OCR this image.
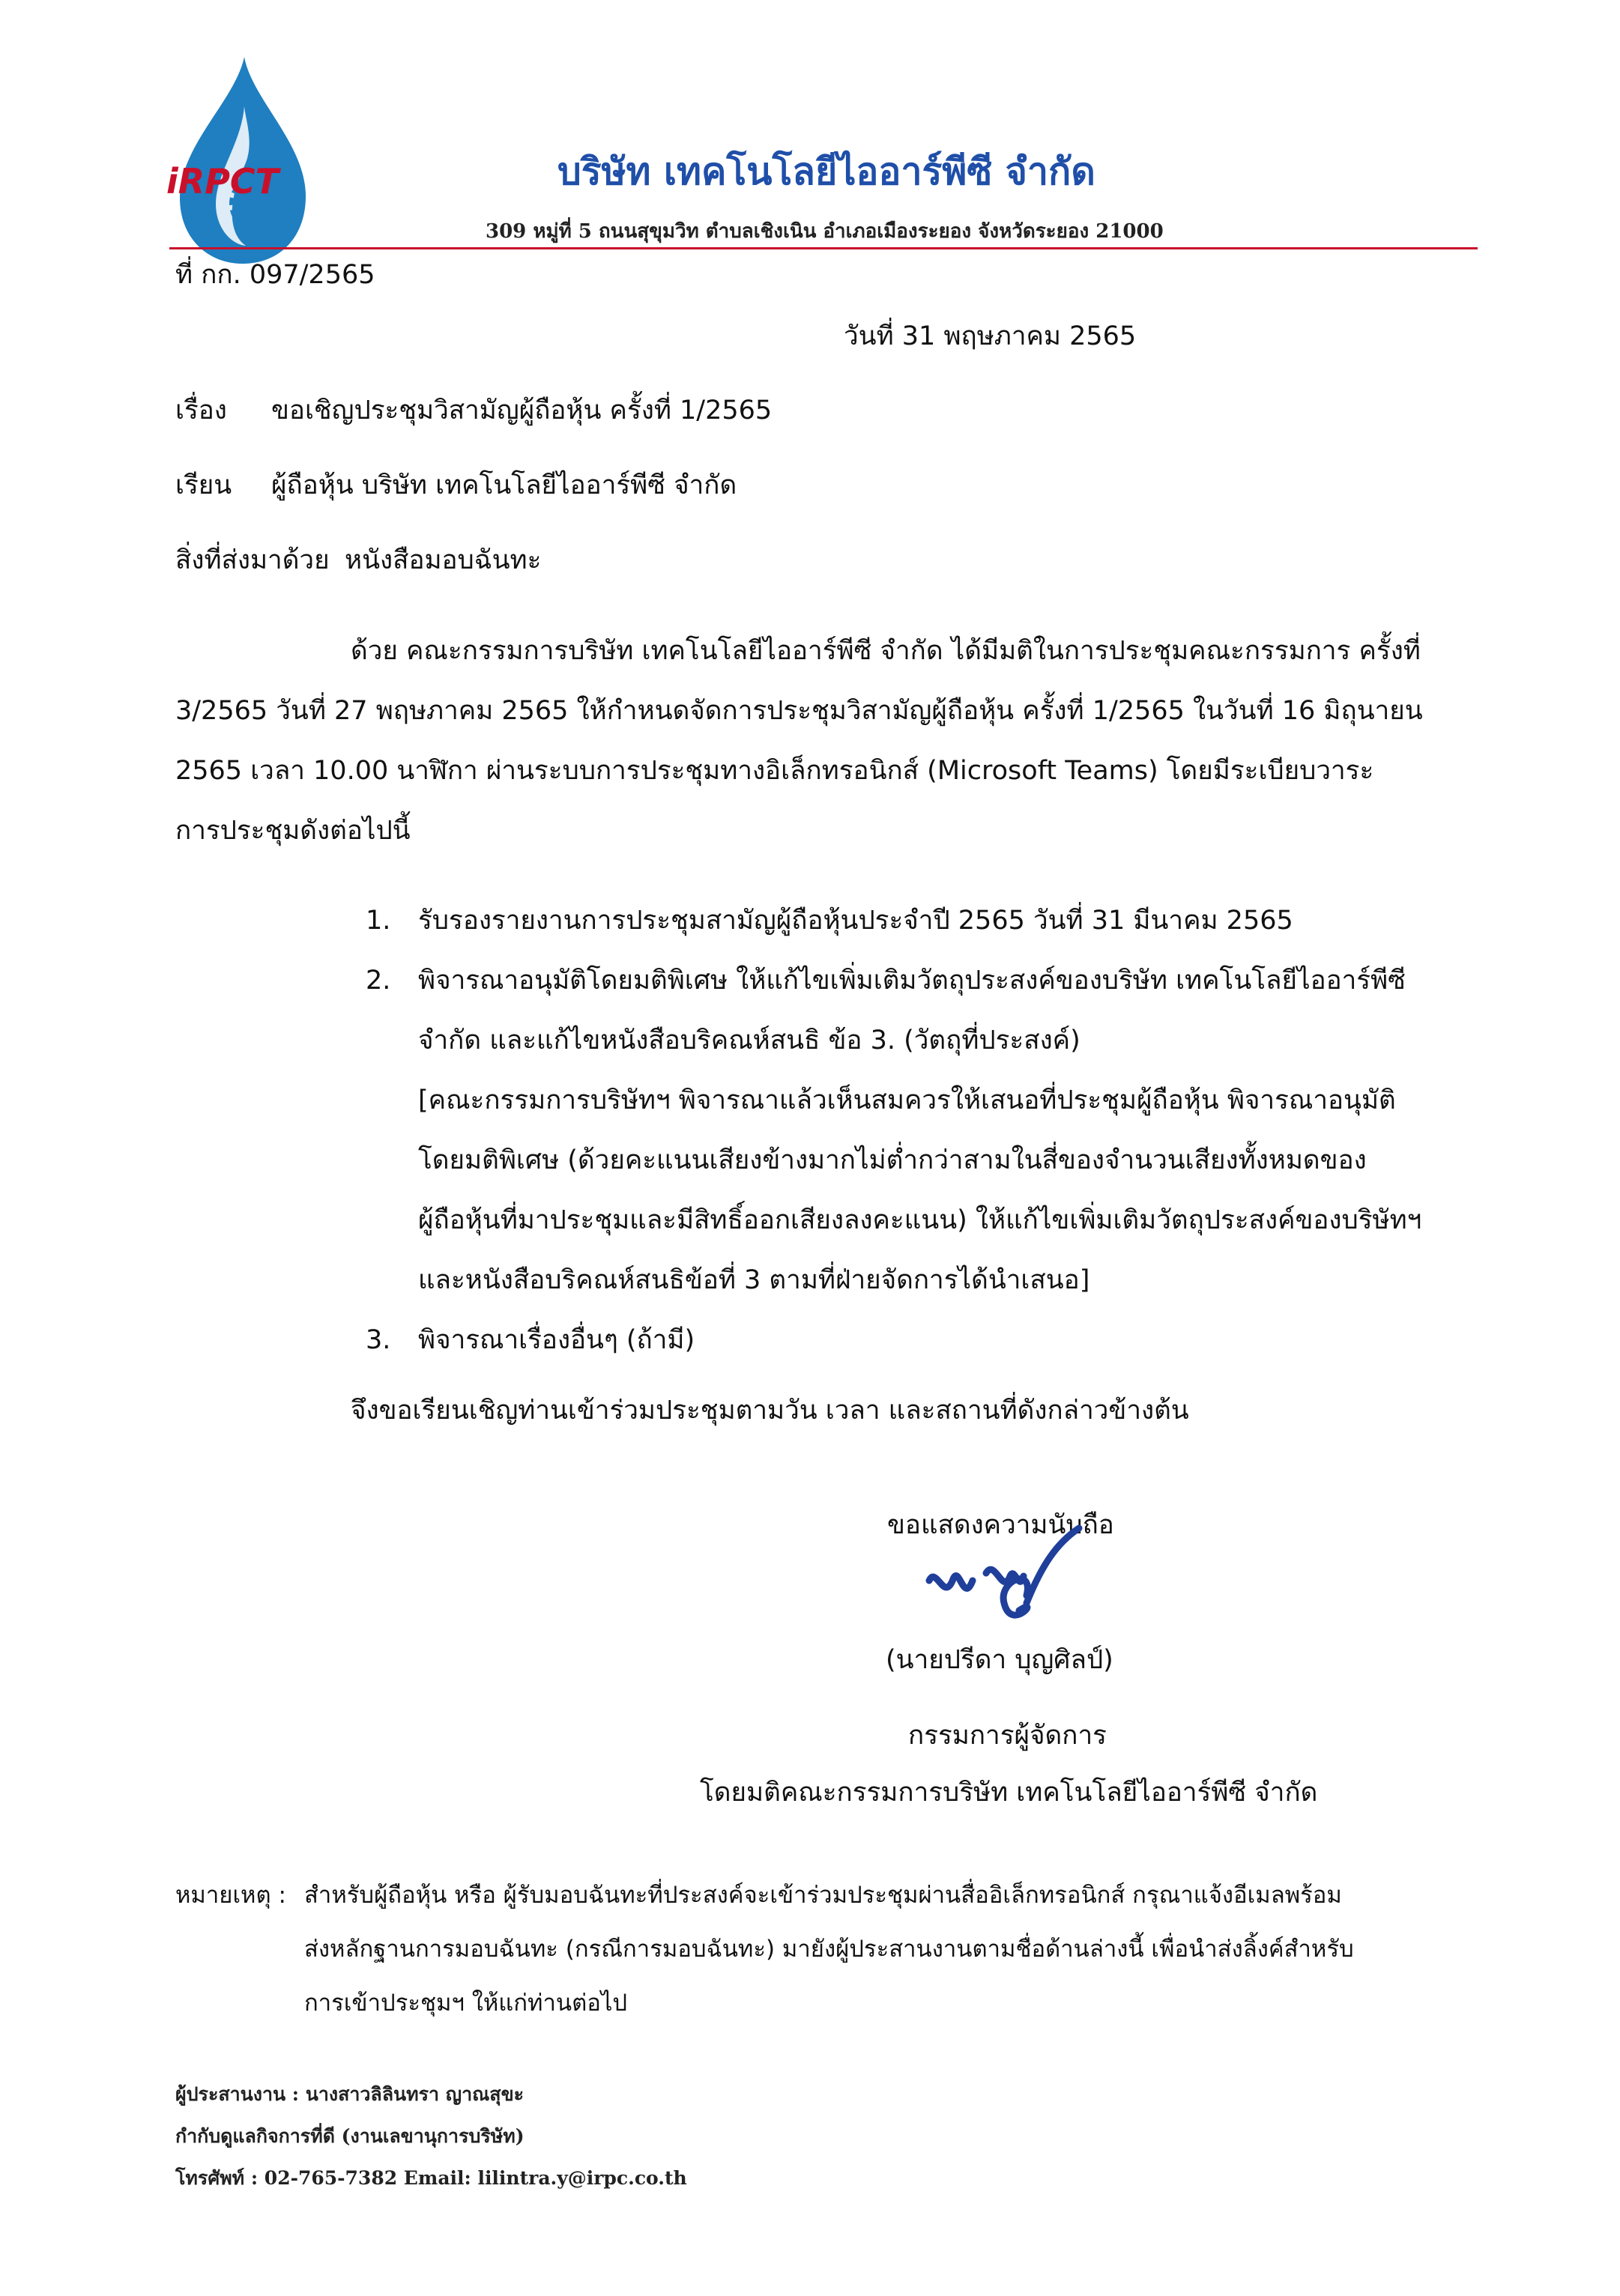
iRPCT	บริษัท เทคโนโลยีไออาร์พีซี จำกัด
309 หมู่ที่ 5 ถนนสุขุมวิท ตำบลเชิงเนิน อำเภอเมืองระยอง จังหวัดระยอง 21000
ที่ กก. 097/2565
วันที่ 31 พฤษภาคม 2565
เรื่อง ขอเชิญประชุมวิสามัญผู้ถือหุ้น ครั้งที่ 1/2565
เรียน ผู้ถือหุ้น บริษัท เทคโนโลยีไออาร์พีซี จำกัด
สิ่งที่ส่งมาด้วย หนังสือมอบฉันทะ
ด้วย คณะกรรมการบริษัท เทคโนโลยีไออาร์พีซี จำกัด ได้มีมติในการประชุมคณะกรรมการ ครั้งที่
3/2565 วันที่ 27 พฤษภาคม 2565 ให้กำหนดจัดการประชุมวิสามัญผู้ถือหุ้น ครั้งที่ 1/2565 ในวันที่ 16 มิถุนายน
2565 เวลา 10.00 นาฬิกา ผ่านระบบการประชุมทางอิเล็กทรอนิกส์ (Microsoft Teams) โดยมีระเบียบวาระ
การประชุมดังต่อไปนี้
1. รับรองรายงานการประชุมสามัญผู้ถือหุ้นประจำปี 2565 วันที่ 31 มีนาคม 2565
2. พิจารณาอนุมัติโดยมติพิเศษ ให้แก้ไขเพิ่มเติมวัตถุประสงค์ของบริษัท เทคโนโลยีไออาร์พีซี
จำกัด และแก้ไขหนังสือบริคณห์สนธิ ข้อ 3. (วัตถุที่ประสงค์)
[คณะกรรมการบริษัทฯ พิจารณาแล้วเห็นสมควรให้เสนอที่ประชุมผู้ถือหุ้น พิจารณาอนุมัติ
โดยมติพิเศษ (ด้วยคะแนนเสียงข้างมากไม่ต่ำกว่าสามในสี่ของจำนวนเสียงทั้งหมดของ
ผู้ถือหุ้นที่มาประชุมและมีสิทธิ์ออกเสียงลงคะแนน) ให้แก้ไขเพิ่มเติมวัตถุประสงค์ของบริษัทฯ
และหนังสือบริคณห์สนธิข้อที่ 3 ตามที่ฝ่ายจัดการได้นำเสนอ]
3. พิจารณาเรื่องอื่นๆ (ถ้ามี)
จึงขอเรียนเชิญท่านเข้าร่วมประชุมตามวัน เวลา และสถานที่ดังกล่าวข้างต้น
ขอแสดงความนับถือ
(นายปรีดา บุญศิลป์)
กรรมการผู้จัดการ
โดยมติคณะกรรมการบริษัท เทคโนโลยีไออาร์พีซี จำกัด
หมายเหตุ : สำหรับผู้ถือหุ้น หรือ ผู้รับมอบฉันทะที่ประสงค์จะเข้าร่วมประชุมผ่านสื่ออิเล็กทรอนิกส์ กรุณาแจ้งอีเมลพร้อม
ส่งหลักฐานการมอบฉันทะ (กรณีการมอบฉันทะ) มายังผู้ประสานงานตามชื่อด้านล่างนี้ เพื่อนำส่งลิ้งค์สำหรับ
การเข้าประชุมฯ ให้แก่ท่านต่อไป
ผู้ประสานงาน : นางสาวลิลินทรา ญาณสุขะ
กำกับดูแลกิจการที่ดี (งานเลขานุการบริษัท)
โทรศัพท์ : 02-765-7382 Email: lilintra.y@irpc.co.th
